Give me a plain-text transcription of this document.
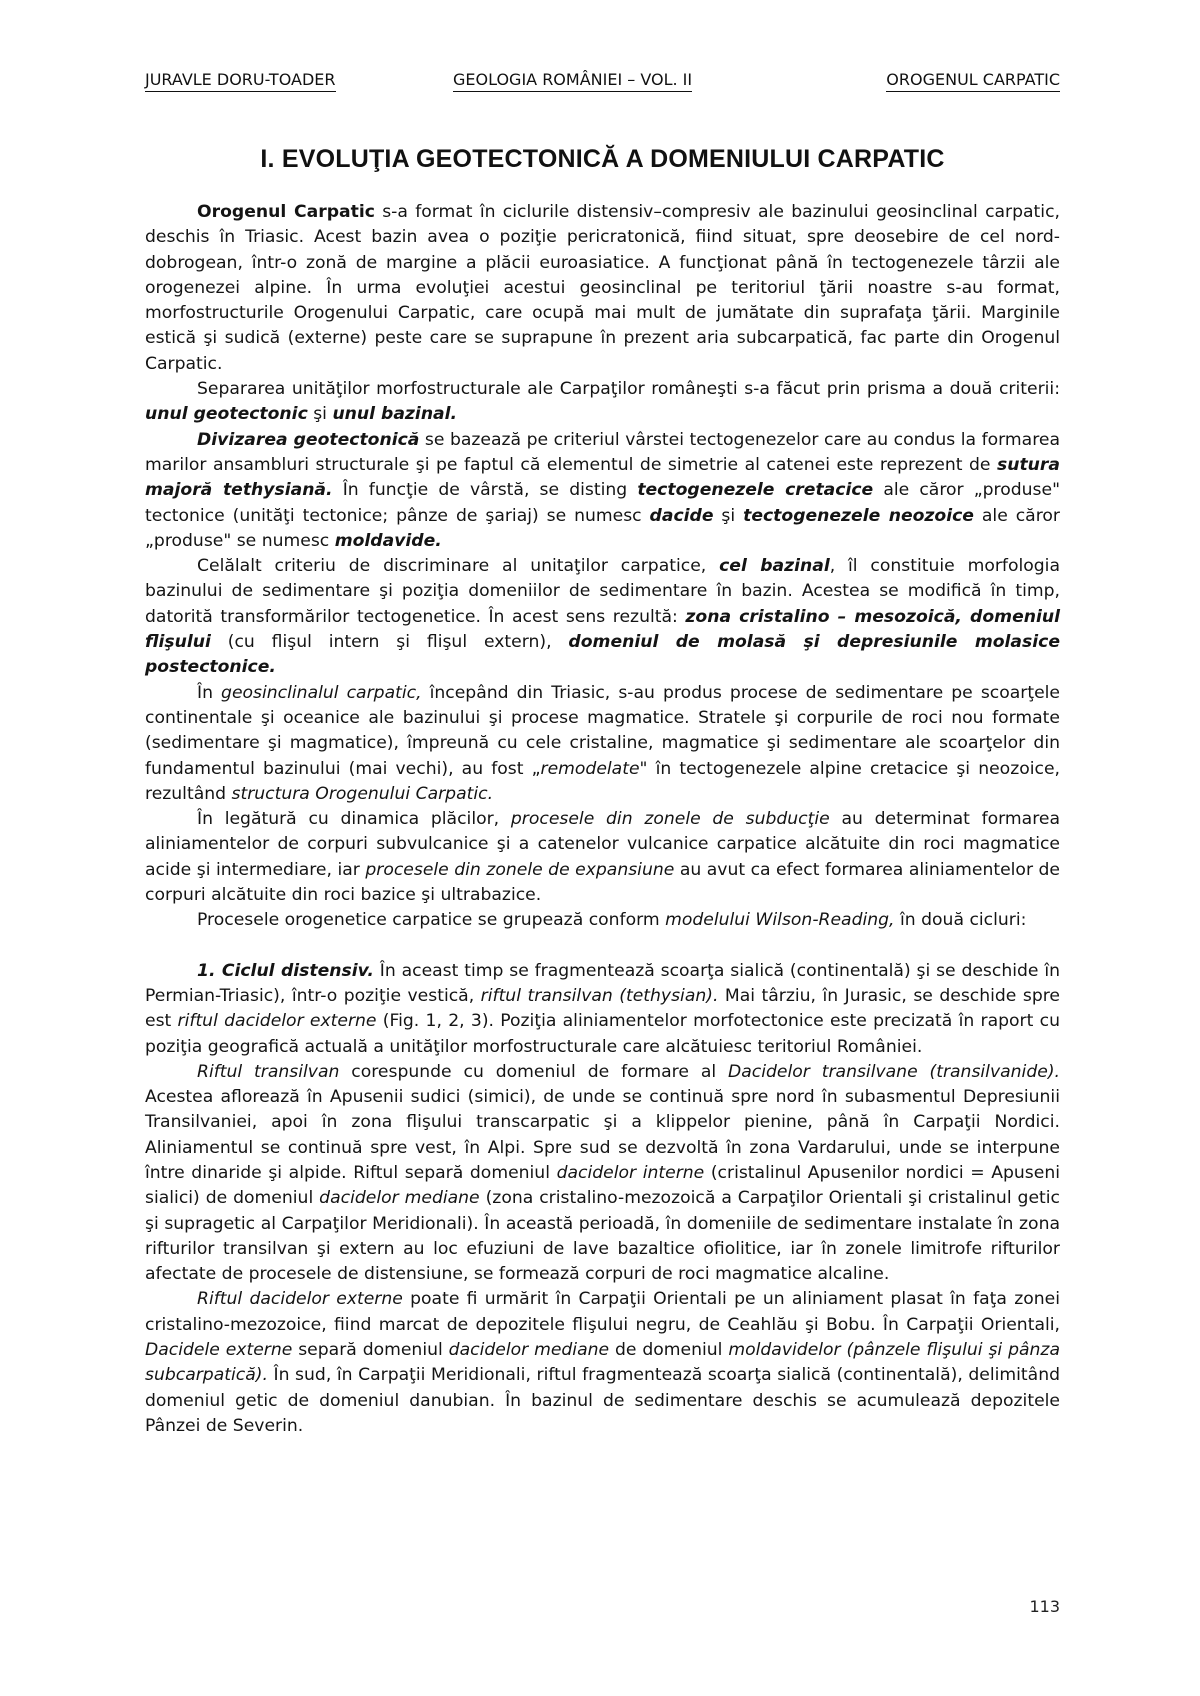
JURAVLE DORU-TOADER	GEOLOGIA ROMÂNIEI – VOL. II	OROGENUL CARPATIC
I. EVOLUŢIA GEOTECTONICĂ A DOMENIULUI CARPATIC

Orogenul Carpatic s-a format în ciclurile distensiv–compresiv ale bazinului geosinclinal carpatic, deschis în Triasic. Acest bazin avea o poziţie pericratonică, fiind situat, spre deosebire de cel nord-dobrogean, într-o zonă de margine a plăcii euroasiatice. A funcţionat până în tectogenezele târzii ale orogenezei alpine. În urma evoluţiei acestui geosinclinal pe teritoriul ţării noastre s-au format, morfostructurile Orogenului Carpatic, care ocupă mai mult de jumătate din suprafaţa ţării. Marginile estică şi sudică (externe) peste care se suprapune în prezent aria subcarpatică, fac parte din Orogenul Carpatic.

Separarea unităţilor morfostructurale ale Carpaţilor româneşti s-a făcut prin prisma a două criterii: unul geotectonic şi unul bazinal.

Divizarea geotectonică se bazează pe criteriul vârstei tectogenezelor care au condus la formarea marilor ansambluri structurale şi pe faptul că elementul de simetrie al catenei este reprezent de sutura majoră tethysiană. În funcţie de vârstă, se disting tectogenezele cretacice ale căror „produse" tectonice (unităţi tectonice; pânze de şariaj) se numesc dacide şi tectogenezele neozoice ale căror „produse" se numesc moldavide.

Celălalt criteriu de discriminare al unitaţilor carpatice, cel bazinal, îl constituie morfologia bazinului de sedimentare şi poziţia domeniilor de sedimentare în bazin. Acestea se modifică în timp, datorită transformărilor tectogenetice. În acest sens rezultă: zona cristalino – mesozoică, domeniul flişului (cu flişul intern şi flişul extern), domeniul de molasă şi depresiunile molasice postectonice.

În geosinclinalul carpatic, începând din Triasic, s-au produs procese de sedimentare pe scoarţele continentale şi oceanice ale bazinului şi procese magmatice. Stratele şi corpurile de roci nou formate (sedimentare şi magmatice), împreună cu cele cristaline, magmatice şi sedimentare ale scoarţelor din fundamentul bazinului (mai vechi), au fost „remodelate" în tectogenezele alpine cretacice şi neozoice, rezultând structura Orogenului Carpatic.

În legătură cu dinamica plăcilor, procesele din zonele de subducţie au determinat formarea aliniamentelor de corpuri subvulcanice şi a catenelor vulcanice carpatice alcătuite din roci magmatice acide şi intermediare, iar procesele din zonele de expansiune au avut ca efect formarea aliniamentelor de corpuri alcătuite din roci bazice şi ultrabazice.

Procesele orogenetice carpatice se grupează conform modelului Wilson-Reading, în două cicluri:

1. Ciclul distensiv. În aceast timp se fragmentează scoarţa sialică (continentală) şi se deschide în Permian-Triasic), într-o poziţie vestică, riftul transilvan (tethysian). Mai târziu, în Jurasic, se deschide spre est riftul dacidelor externe (Fig. 1, 2, 3). Poziţia aliniamentelor morfotectonice este precizată în raport cu poziţia geografică actuală a unităţilor morfostructurale care alcătuiesc teritoriul României.

Riftul transilvan corespunde cu domeniul de formare al Dacidelor transilvane (transilvanide). Acestea aflorează în Apusenii sudici (simici), de unde se continuă spre nord în subasmentul Depresiunii Transilvaniei, apoi în zona flişului transcarpatic şi a klippelor pienine, până în Carpaţii Nordici. Aliniamentul se continuă spre vest, în Alpi. Spre sud se dezvoltă în zona Vardarului, unde se interpune între dinaride şi alpide. Riftul separă domeniul dacidelor interne (cristalinul Apusenilor nordici = Apuseni sialici) de domeniul dacidelor mediane (zona cristalino-mezozoică a Carpaţilor Orientali şi cristalinul getic şi supragetic al Carpaţilor Meridionali). În această perioadă, în domeniile de sedimentare instalate în zona rifturilor transilvan şi extern au loc efuziuni de lave bazaltice ofiolitice, iar în zonele limitrofe rifturilor afectate de procesele de distensiune, se formează corpuri de roci magmatice alcaline.

Riftul dacidelor externe poate fi urmărit în Carpaţii Orientali pe un aliniament plasat în faţa zonei cristalino-mezozoice, fiind marcat de depozitele flişului negru, de Ceahlău şi Bobu. În Carpaţii Orientali, Dacidele externe separă domeniul dacidelor mediane de domeniul moldavidelor (pânzele flişului şi pânza subcarpatică). În sud, în Carpaţii Meridionali, riftul fragmentează scoarţa sialică (continentală), delimitând domeniul getic de domeniul danubian. În bazinul de sedimentare deschis se acumulează depozitele Pânzei de Severin.

113
